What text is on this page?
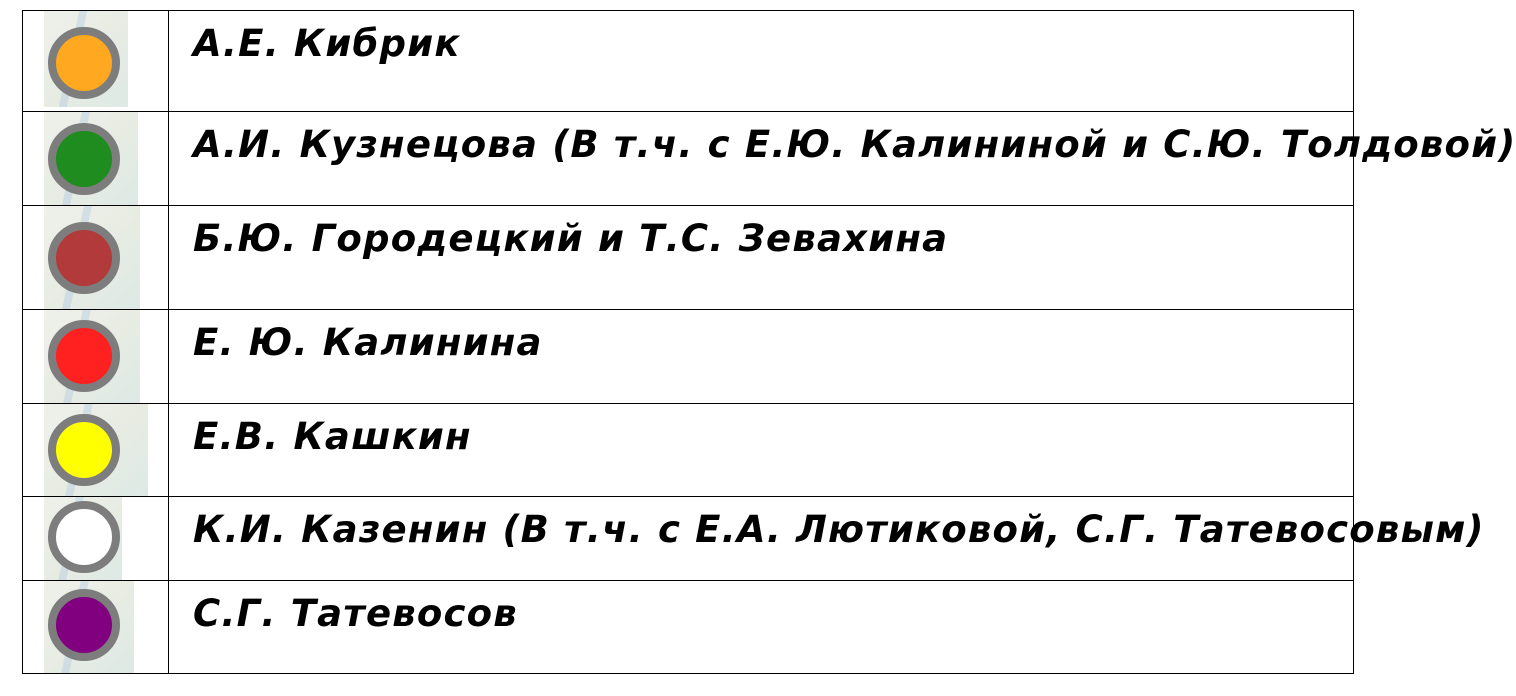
	А.Е. Кибрик

	А.И. Кузнецова (В т.ч. с Е.Ю. Калининой и С.Ю. Толдовой)

	Б.Ю. Городецкий и Т.С. Зевахина

	Е. Ю. Калинина

	Е.В. Кашкин

	К.И. Казенин (В т.ч. с Е.А. Лютиковой, С.Г. Татевосовым)

	С.Г. Татевосов
